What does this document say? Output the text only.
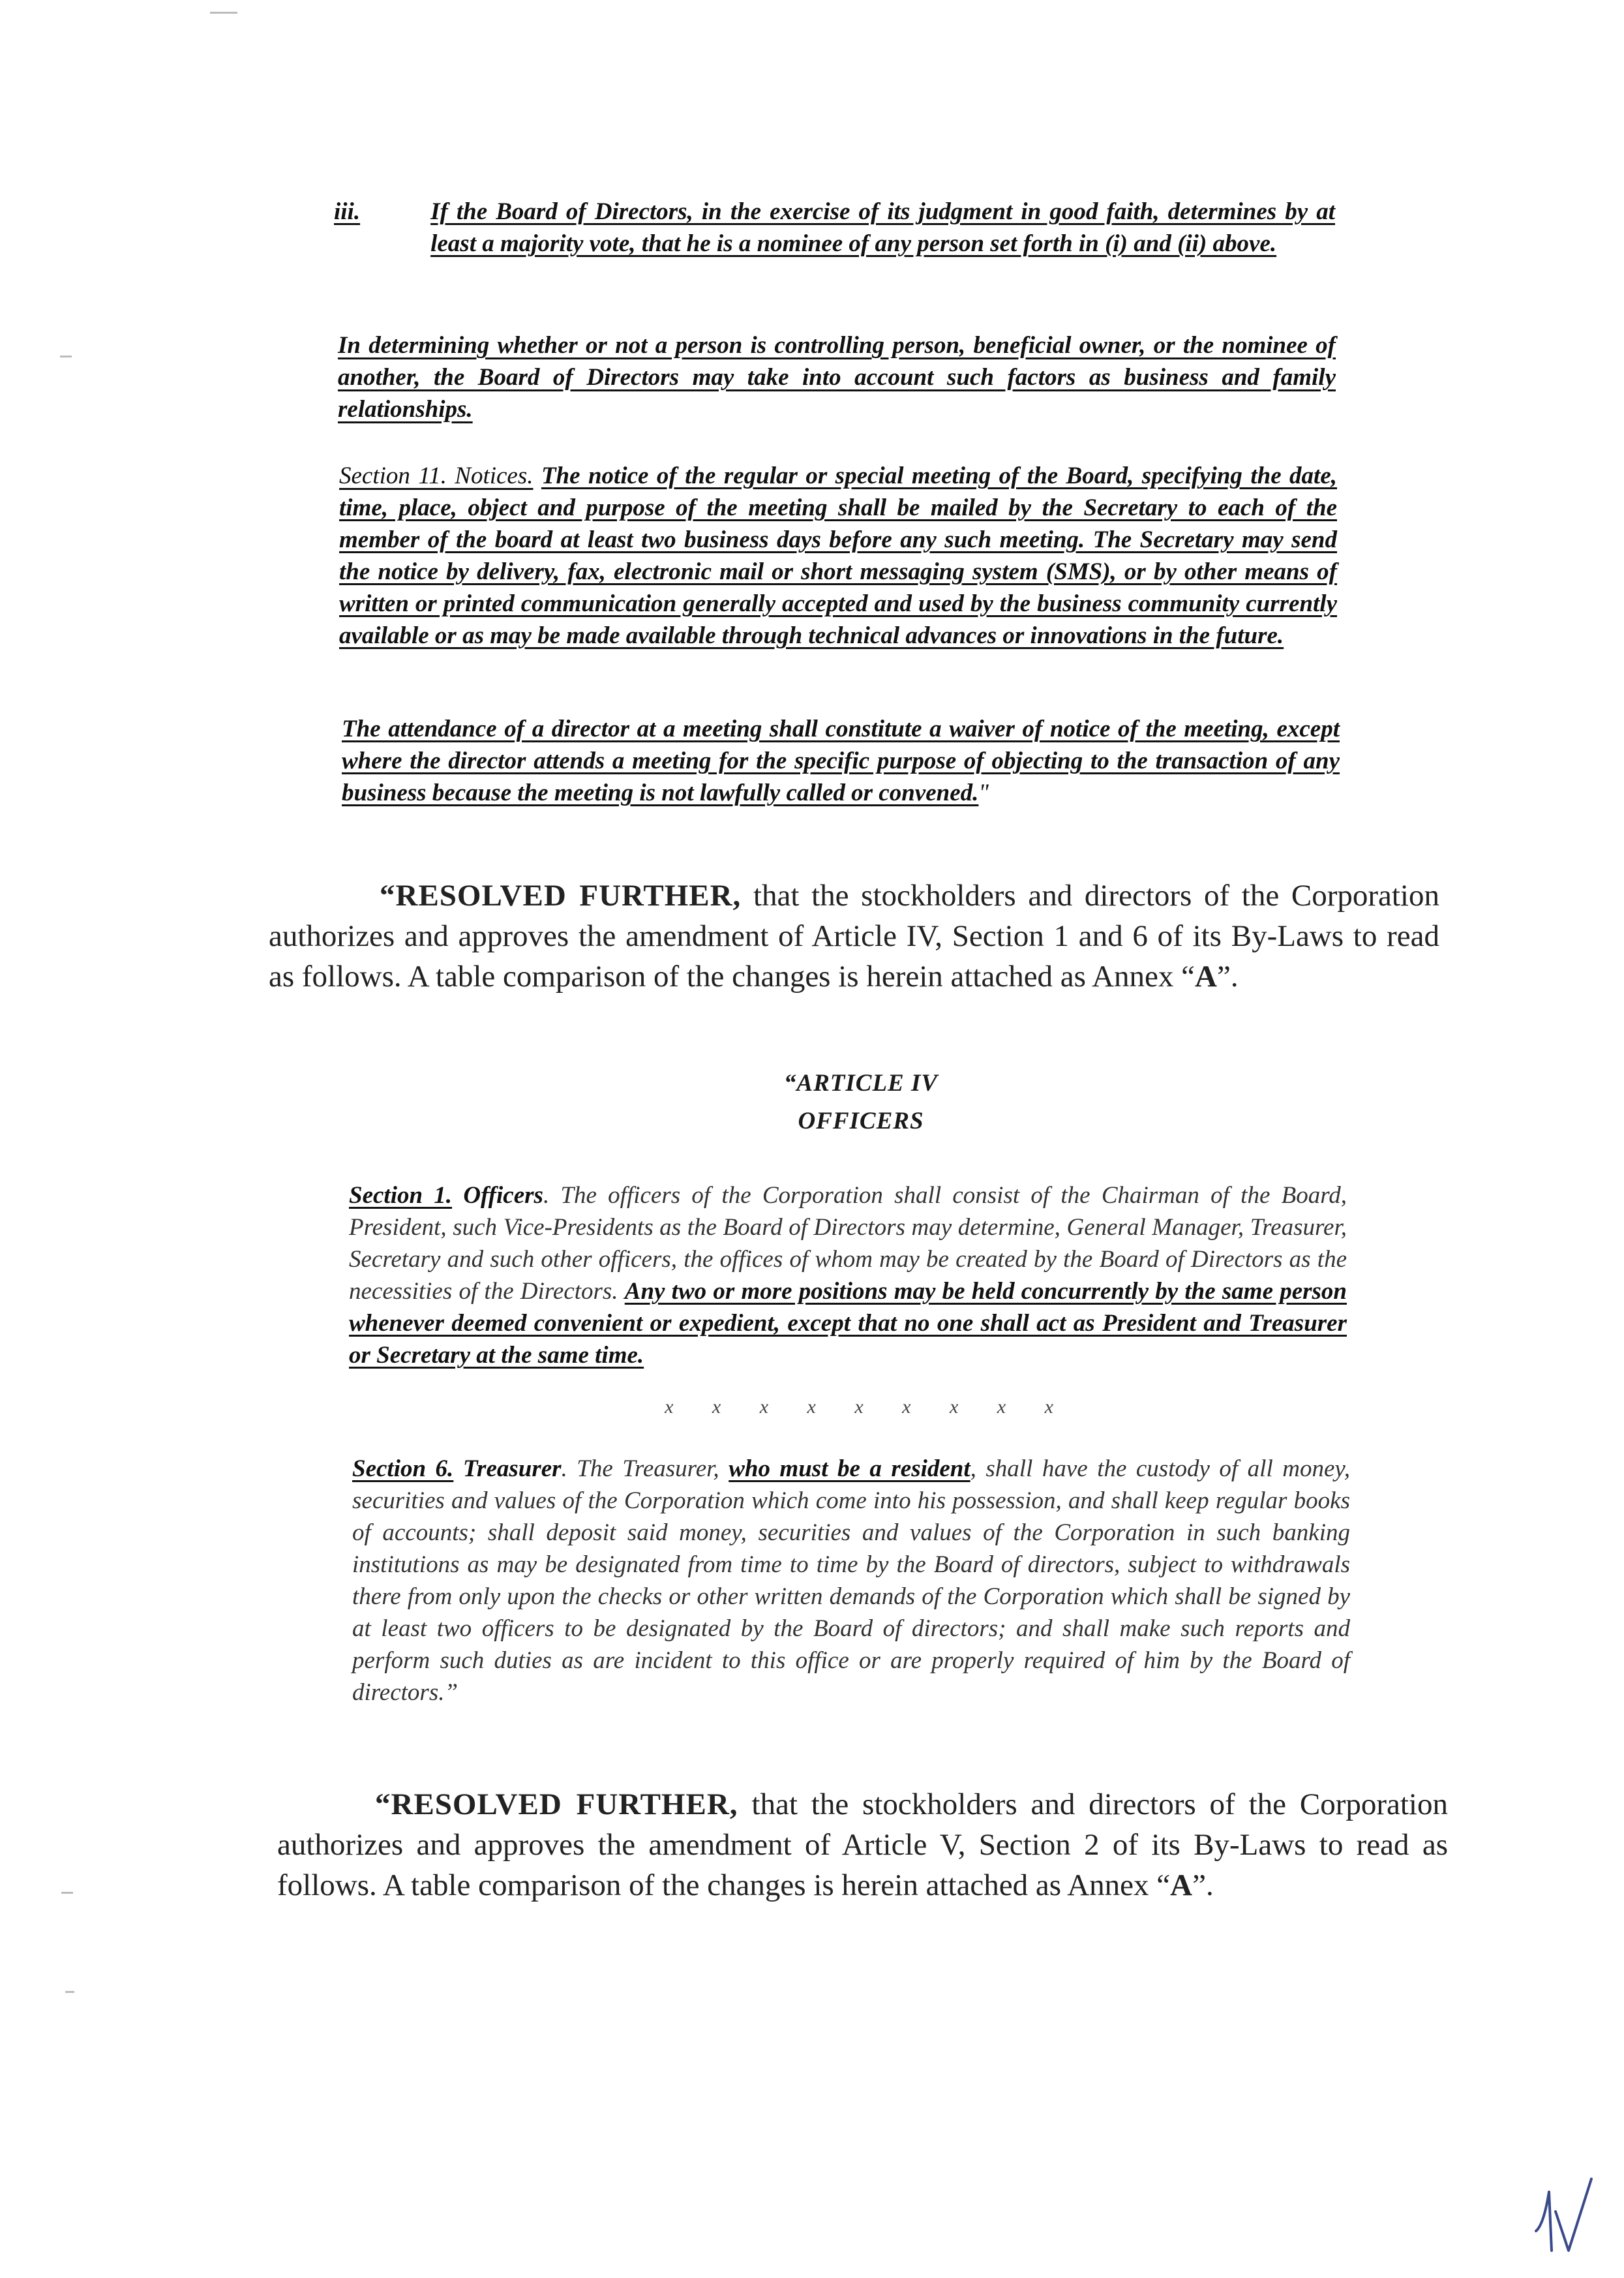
iii.	If the Board of Directors, in the exercise of its judgment in good faith, determines by at least a majority vote, that he is a nominee of any person set forth in (i) and (ii) above.
In determining whether or not a person is controlling person, beneficial owner, or the nominee of another, the Board of Directors may take into account such factors as business and family relationships.
Section 11. Notices. The notice of the regular or special meeting of the Board, specifying the date, time, place, object and purpose of the meeting shall be mailed by the Secretary to each of the member of the board at least two business days before any such meeting. The Secretary may send the notice by delivery, fax, electronic mail or short messaging system (SMS), or by other means of written or printed communication generally accepted and used by the business community currently available or as may be made available through technical advances or innovations in the future.
The attendance of a director at a meeting shall constitute a waiver of notice of the meeting, except where the director attends a meeting for the specific purpose of objecting to the transaction of any business because the meeting is not lawfully called or convened."
“RESOLVED FURTHER, that the stockholders and directors of the Corporation authorizes and approves the amendment of Article IV, Section 1 and 6 of its By-Laws to read as follows. A table comparison of the changes is herein attached as Annex “A”.
“ARTICLE IV
OFFICERS
Section 1. Officers. The officers of the Corporation shall consist of the Chairman of the Board, President, such Vice-Presidents as the Board of Directors may determine, General Manager, Treasurer, Secretary and such other officers, the offices of whom may be created by the Board of Directors as the necessities of the Directors. Any two or more positions may be held concurrently by the same person whenever deemed convenient or expedient, except that no one shall act as President and Treasurer or Secretary at the same time.
x x x x x x x x x
Section 6. Treasurer. The Treasurer, who must be a resident, shall have the custody of all money, securities and values of the Corporation which come into his possession, and shall keep regular books of accounts; shall deposit said money, securities and values of the Corporation in such banking institutions as may be designated from time to time by the Board of directors, subject to withdrawals there from only upon the checks or other written demands of the Corporation which shall be signed by at least two officers to be designated by the Board of directors; and shall make such reports and perform such duties as are incident to this office or are properly required of him by the Board of directors.”
“RESOLVED FURTHER, that the stockholders and directors of the Corporation authorizes and approves the amendment of Article V, Section 2 of its By-Laws to read as follows. A table comparison of the changes is herein attached as Annex “A”.
